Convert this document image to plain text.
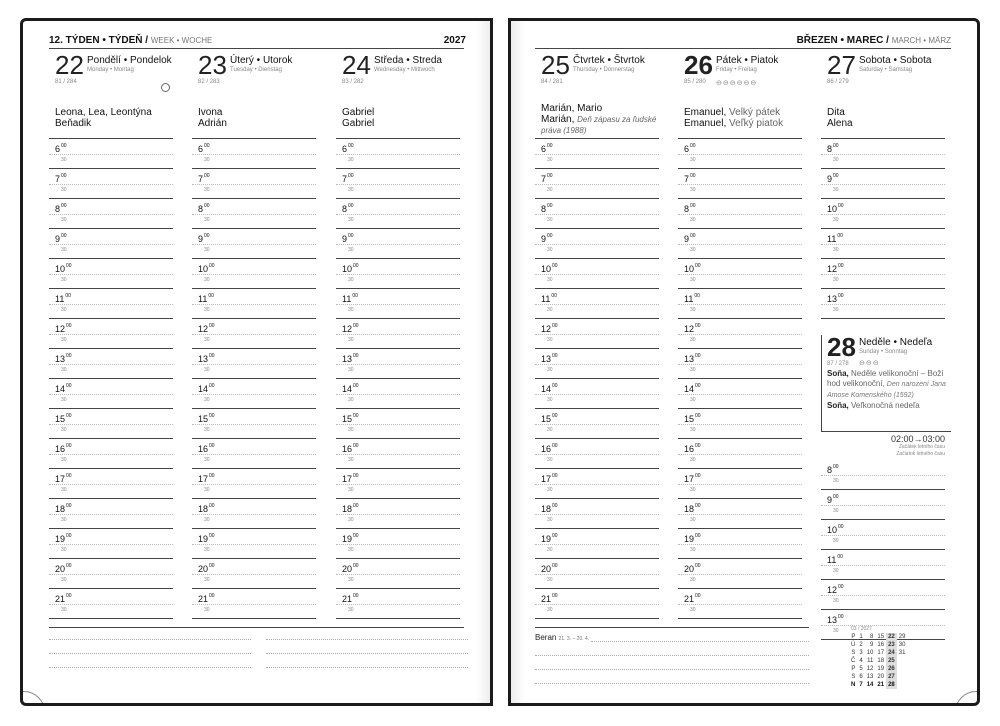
12. TÝDEN • TÝDEŇ / WEEK • WOCHE	2027
22 Pondělí • Pondelok
Monday • Montag
81 / 284
Leona, Lea, Leontýna
Beňadik
$6^{00}$
30
$7^{00}$
30
$8^{00}$
30
$9^{00}$
30
$10^{00}$
30
$11^{00}$
30
$12^{00}$
30
$13^{00}$
30
$14^{00}$
30
$15^{00}$
30
$16^{00}$
30
$17^{00}$
30
$18^{00}$
30
$19^{00}$
30
$20^{00}$
30
$21^{00}$
30
23 Úterý • Utorok
Tuesday • Dienstag
82 / 283
Ivona
Adrián
$6^{00}$
30
$7^{00}$
30
$8^{00}$
30
$9^{00}$
30
$10^{00}$
30
$11^{00}$
30
$12^{00}$
30
$13^{00}$
30
$14^{00}$
30
$15^{00}$
30
$16^{00}$
30
$17^{00}$
30
$18^{00}$
30
$19^{00}$
30
$20^{00}$
30
$21^{00}$
30
24 Středa • Streda
Wednesday • Mittwoch
83 / 282
Gabriel
Gabriel
$6^{00}$
30
$7^{00}$
30
$8^{00}$
30
$9^{00}$
30
$10^{00}$
30
$11^{00}$
30
$12^{00}$
30
$13^{00}$
30
$14^{00}$
30
$15^{00}$
30
$16^{00}$
30
$17^{00}$
30
$18^{00}$
30
$19^{00}$
30
$20^{00}$
30
$21^{00}$
30
BŘEZEN • MAREC / MARCH • MÄRZ
25 Čtvrtek • Štvrtok
Thursday • Donnerstag
84 / 281
Marián, Mario
Marián, Deň zápasu za ľudské práva (1988)
$6^{00}$
30
$7^{00}$
30
$8^{00}$
30
$9^{00}$
30
$10^{00}$
30
$11^{00}$
30
$12^{00}$
30
$13^{00}$
30
$14^{00}$
30
$15^{00}$
30
$16^{00}$
30
$17^{00}$
30
$18^{00}$
30
$19^{00}$
30
$20^{00}$
30
$21^{00}$
30
26 Pátek • Piatok
Friday • Freitag
85 / 280 ⊖⊖⊖⊖⊖⊖
Emanuel, Velký pátek
Emanuel, Veľký piatok
$6^{00}$
30
$7^{00}$
30
$8^{00}$
30
$9^{00}$
30
$10^{00}$
30
$11^{00}$
30
$12^{00}$
30
$13^{00}$
30
$14^{00}$
30
$15^{00}$
30
$16^{00}$
30
$17^{00}$
30
$18^{00}$
30
$19^{00}$
30
$20^{00}$
30
$21^{00}$
30
27 Sobota • Sobota
Saturday • Samstag
86 / 279
Dita
Alena
$8^{00}$
30
$9^{00}$
30
$10^{00}$
30
$11^{00}$
30
$12^{00}$
30
$13^{00}$
30
28 Neděle • Nedeľa
Sunday • Sonntag
87 / 278 ⊖⊖⊖
Soňa, Neděle velikonoční – Boží hod velikonoční, Den narození Jana Amose Komenského (1592)
Soňa, Veľkonočná nedeľa
02:00→03:00
Začátek letního času
Začiatok letného času
$8^{00}$
30
$9^{00}$
30
$10^{00}$
30
$11^{00}$
30
$12^{00}$
30
$13^{00}$
30
Beran 21. 3. – 20. 4.
03 / 2027
P	1	8	15	22	29
Ú	2	9	16	23	30
S	3	10	17	24	31
Č	4	11	18	25	
P	5	12	19	26	
S	6	13	20	27	
N	7	14	21	28	
